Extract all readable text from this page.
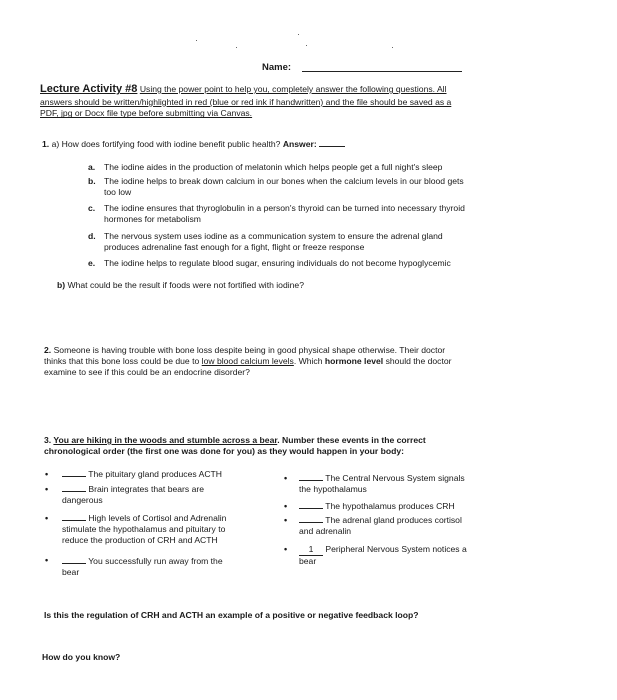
Name:
Lecture Activity #8 Using the power point to help you, completely answer the following questions. All answers should be written/highlighted in red (blue or red ink if handwritten) and the file should be saved as a PDF, jpg or Docx file type before submitting via Canvas.
1. a) How does fortifying food with iodine benefit public health? Answer:
a.	The iodine aides in the production of melatonin which helps people get a full night's sleep
b. The iodine helps to break down calcium in our bones when the calcium levels in our blood gets too low
c.	The iodine ensures that thyroglobulin in a person's thyroid can be turned into necessary thyroid hormones for metabolism
d. The nervous system uses iodine as a communication system to ensure the adrenal gland produces adrenaline fast enough for a fight, flight or freeze response
e.	The iodine helps to regulate blood sugar, ensuring individuals do not become hypoglycemic
b) What could be the result if foods were not fortified with iodine?
2. Someone is having trouble with bone loss despite being in good physical shape otherwise. Their doctor thinks that this bone loss could be due to low blood calcium levels. Which hormone level should the doctor examine to see if this could be an endocrine disorder?
3. You are hiking in the woods and stumble across a bear. Number these events in the correct chronological order (the first one was done for you) as they would happen in your body:
•	The pituitary gland produces ACTH
•	Brain integrates that bears are dangerous
•	High levels of Cortisol and Adrenalin stimulate the hypothalamus and pituitary to reduce the production of CRH and ACTH
•	You successfully run away from the bear
•	The Central Nervous System signals the hypothalamus
•	The hypothalamus produces CRH
•	The adrenal gland produces cortisol and adrenalin
•	1 Peripheral Nervous System notices a bear
Is this the regulation of CRH and ACTH an example of a positive or negative feedback loop?
How do you know?
